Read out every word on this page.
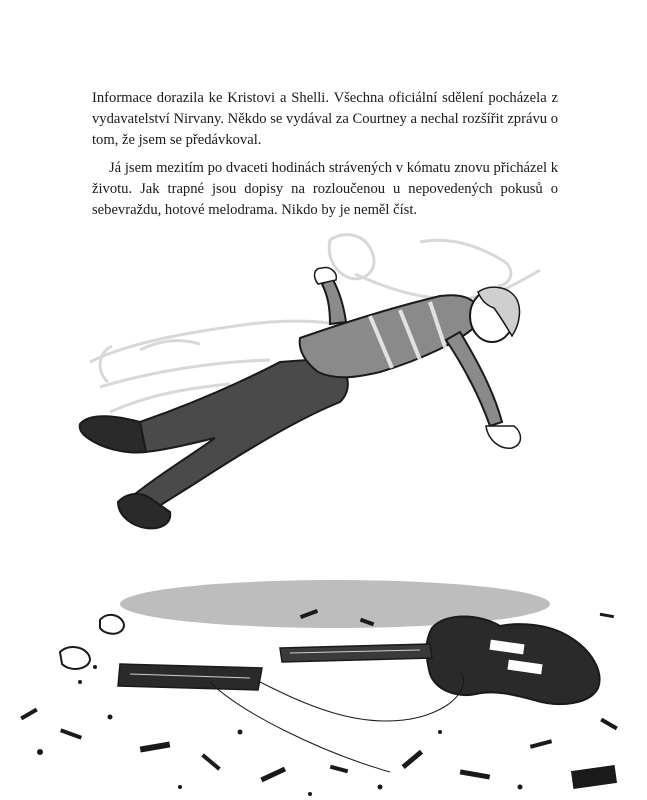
Informace dorazila ke Kristovi a Shelli. Všechna oficiální sdělení pocházela z vydavatelství Nirvany. Někdo se vydával za Courtney a nechal rozšířit zprávu o tom, že jsem se předávkoval.

Já jsem mezitím po dvaceti hodinách strávených v kómatu znovu přicházel k životu. Jak trapné jsou dopisy na rozloučenou u nepovedených pokusů o sebevraždu, hotové melodrama. Nikdo by je neměl číst.
